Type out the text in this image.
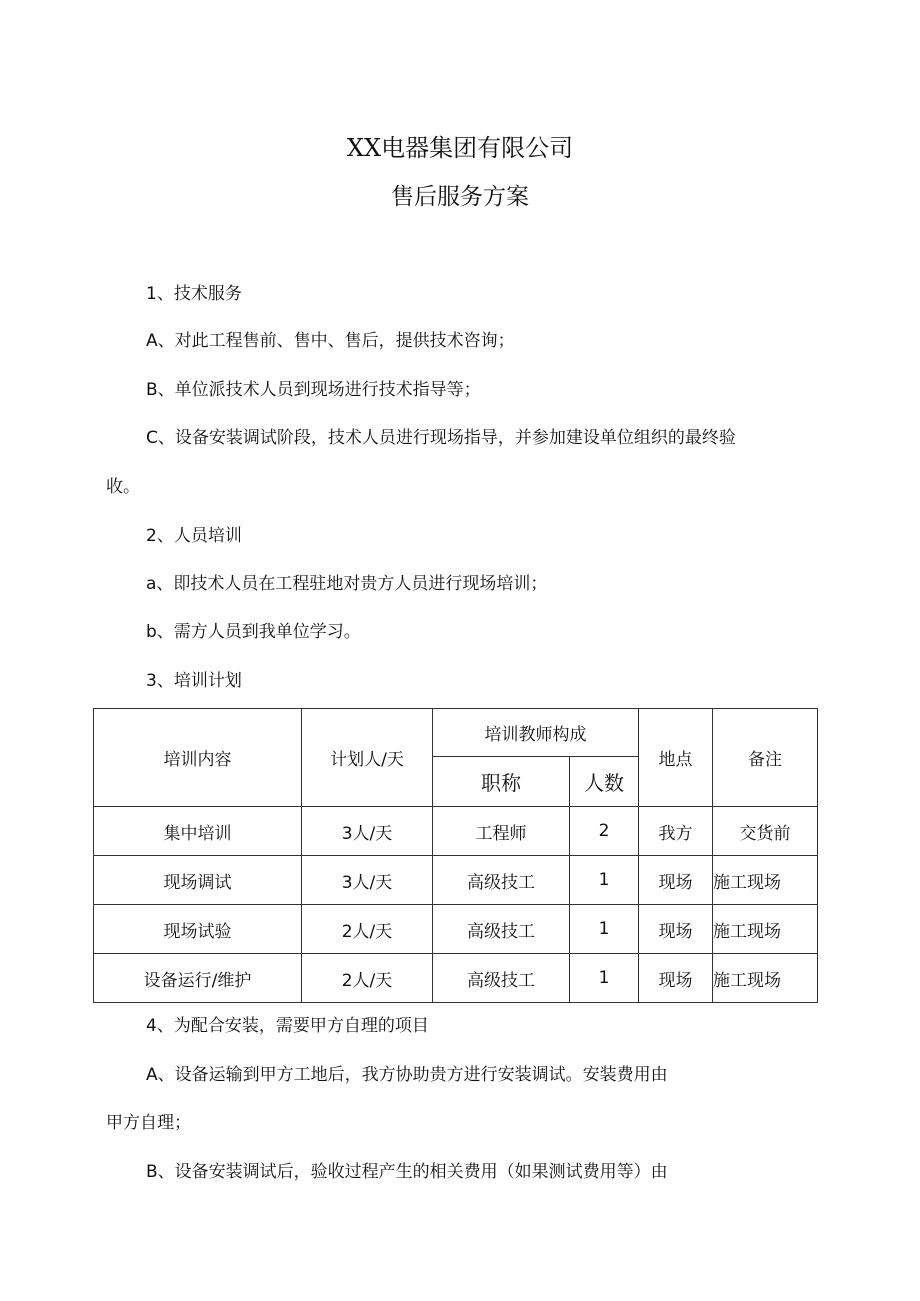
XX电器集团有限公司
售后服务方案
1、技术服务
A、对此工程售前、售中、售后，提供技术咨询；
B、单位派技术人员到现场进行技术指导等；
C、设备安装调试阶段，技术人员进行现场指导，并参加建设单位组织的最终验
收。
2、人员培训
a、即技术人员在工程驻地对贵方人员进行现场培训；
b、需方人员到我单位学习。
3、培训计划
培训内容	计划人/天	培训教师构成		地点	备注
		职称	人数		
集中培训	3人/天	工程师	2	我方	交货前
现场调试	3人/天	高级技工	1	现场	施工现场
现场试验	2人/天	高级技工	1	现场	施工现场
设备运行/维护	2人/天	高级技工	1	现场	施工现场
4、为配合安装，需要甲方自理的项目
A、设备运输到甲方工地后，我方协助贵方进行安装调试。安装费用由
甲方自理；
B、设备安装调试后，验收过程产生的相关费用（如果测试费用等）由
